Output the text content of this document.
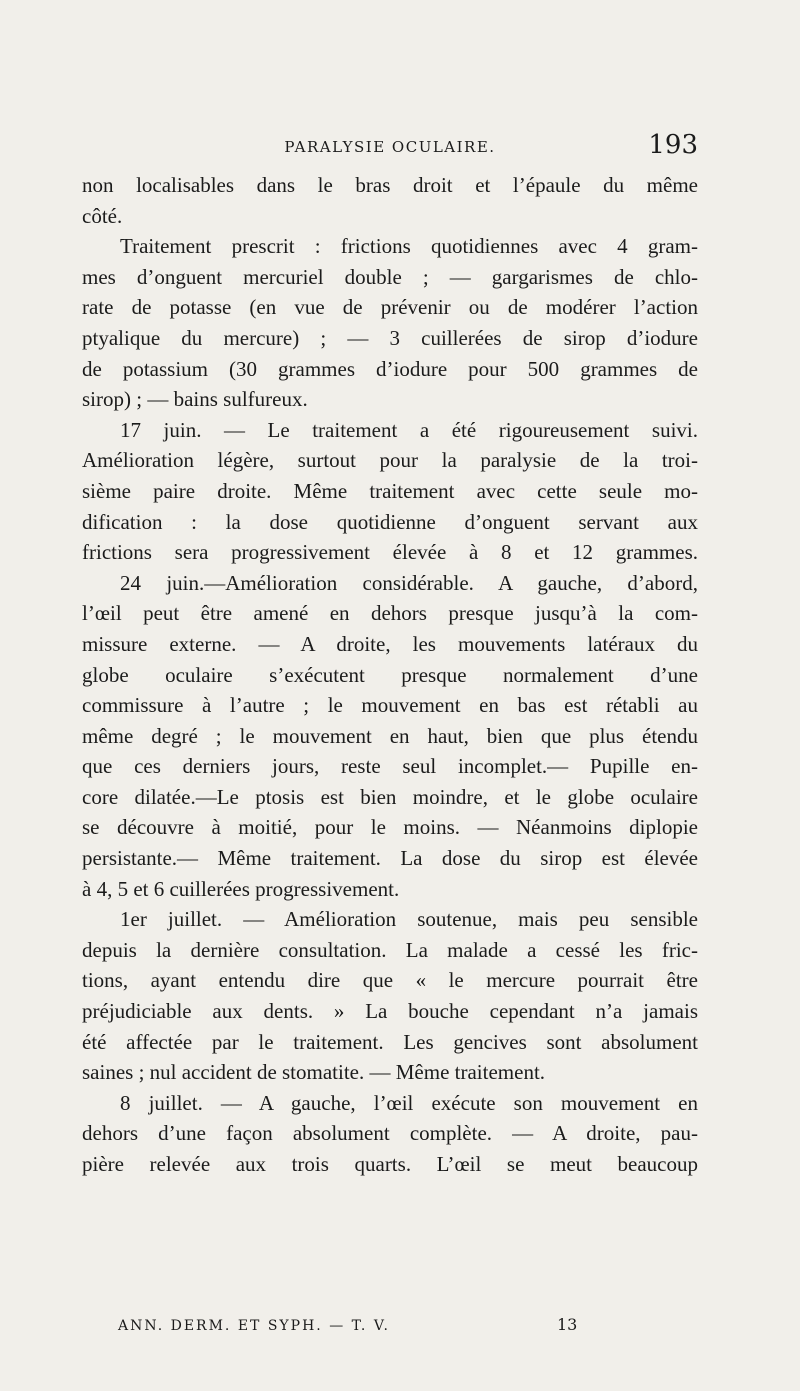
PARALYSIE OCULAIRE.	193
non localisables dans le bras droit et l’épaule du même
côté.
Traitement prescrit : frictions quotidiennes avec 4 gram-
mes d’onguent mercuriel double ; — gargarismes de chlo-
rate de potasse (en vue de prévenir ou de modérer l’action
ptyalique du mercure) ; — 3 cuillerées de sirop d’iodure
de potassium (30 grammes d’iodure pour 500 grammes de
sirop) ; — bains sulfureux.
17 juin. — Le traitement a été rigoureusement suivi.
Amélioration légère, surtout pour la paralysie de la troi-
sième paire droite. Même traitement avec cette seule mo-
dification : la dose quotidienne d’onguent servant aux
frictions sera progressivement élevée à 8 et 12 grammes.
24 juin.—Amélioration considérable. A gauche, d’abord,
l’œil peut être amené en dehors presque jusqu’à la com-
missure externe. — A droite, les mouvements latéraux du
globe oculaire s’exécutent presque normalement d’une
commissure à l’autre ; le mouvement en bas est rétabli au
même degré ; le mouvement en haut, bien que plus étendu
que ces derniers jours, reste seul incomplet.— Pupille en-
core dilatée.—Le ptosis est bien moindre, et le globe oculaire
se découvre à moitié, pour le moins. — Néanmoins diplopie
persistante.— Même traitement. La dose du sirop est élevée
à 4, 5 et 6 cuillerées progressivement.
1er juillet. — Amélioration soutenue, mais peu sensible
depuis la dernière consultation. La malade a cessé les fric-
tions, ayant entendu dire que « le mercure pourrait être
préjudiciable aux dents. » La bouche cependant n’a jamais
été affectée par le traitement. Les gencives sont absolument
saines ; nul accident de stomatite. — Même traitement.
8 juillet. — A gauche, l’œil exécute son mouvement en
dehors d’une façon absolument complète. — A droite, pau-
pière relevée aux trois quarts. L’œil se meut beaucoup
ANN. DERM. ET SYPH. — T. V.	13
